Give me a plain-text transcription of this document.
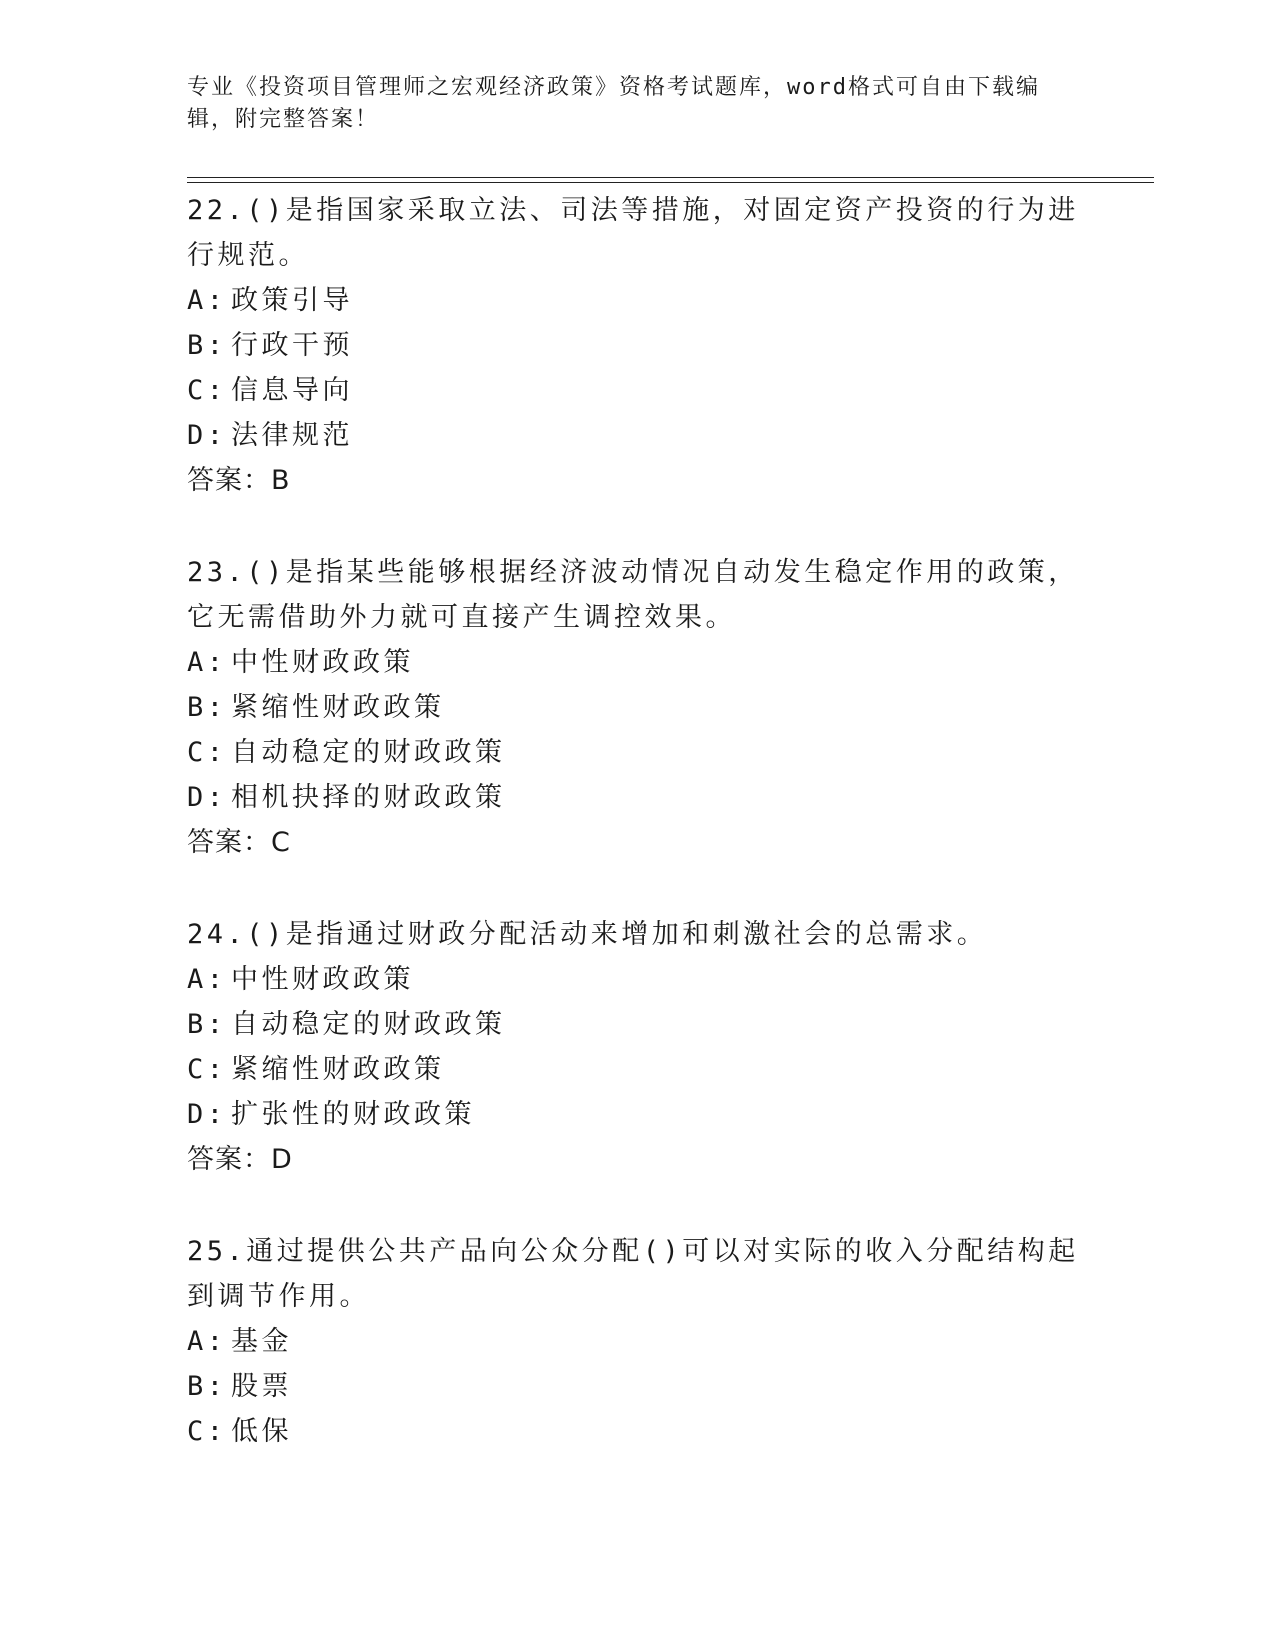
专业《投资项目管理师之宏观经济政策》资格考试题库，word格式可自由下载编辑，附完整答案！

22.()是指国家采取立法、司法等措施，对固定资产投资的行为进行规范。

A: 政策引导

B: 行政干预

C: 信息导向

D: 法律规范

答案：B

23.()是指某些能够根据经济波动情况自动发生稳定作用的政策，它无需借助外力就可直接产生调控效果。

A: 中性财政政策

B: 紧缩性财政政策

C: 自动稳定的财政政策

D: 相机抉择的财政政策

答案：C

24.()是指通过财政分配活动来增加和刺激社会的总需求。

A: 中性财政政策

B: 自动稳定的财政政策

C: 紧缩性财政政策

D: 扩张性的财政政策

答案：D

25.通过提供公共产品向公众分配()可以对实际的收入分配结构起到调节作用。

A: 基金

B: 股票

C: 低保
